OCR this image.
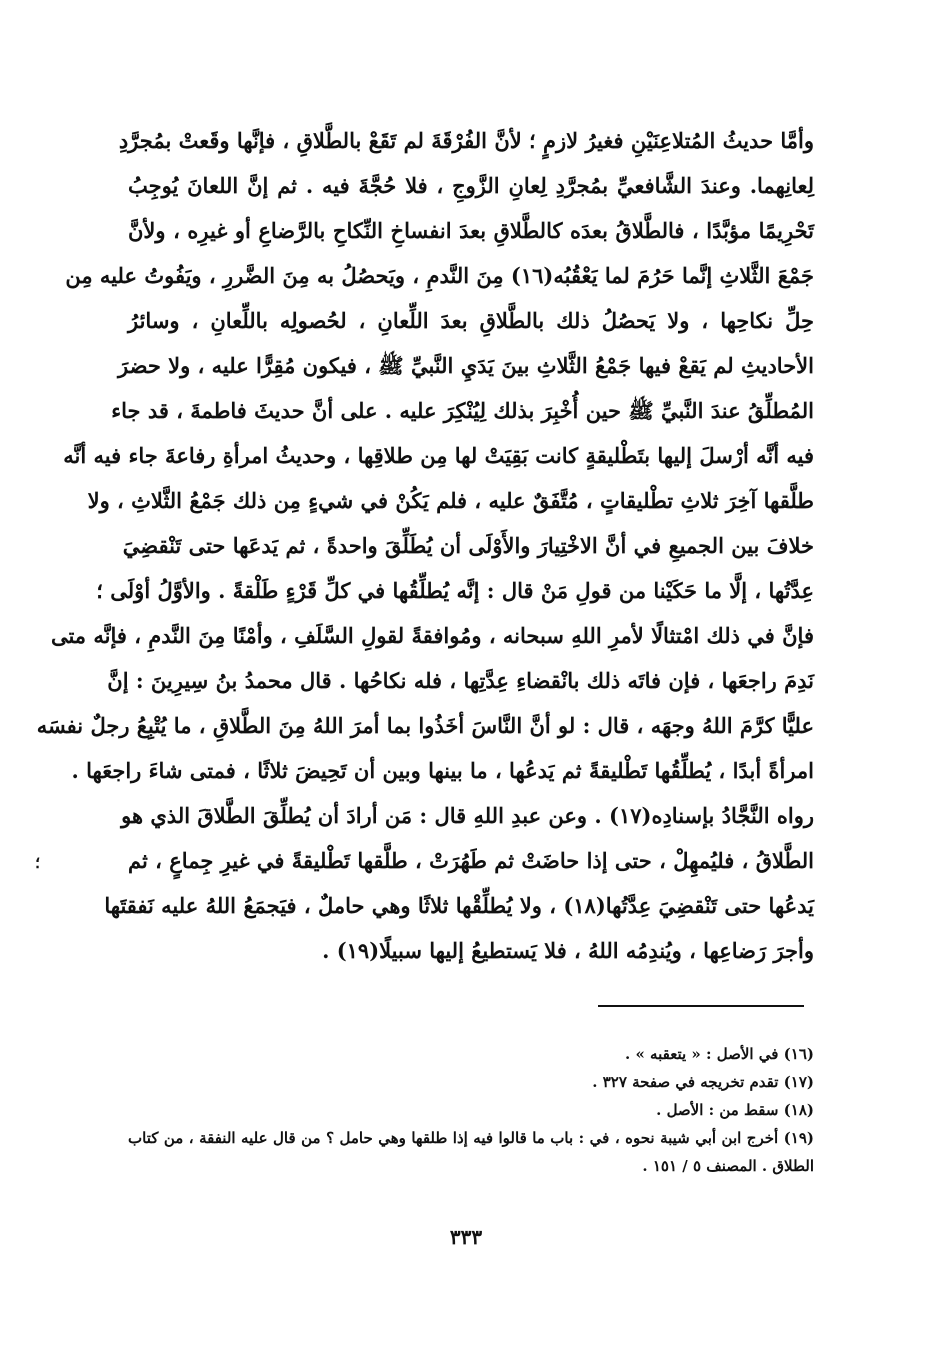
وأمَّا حديثُ المُتلاعِنَيْنِ فغيرُ لازمٍ ؛ لأنَّ الفُرْقَةَ لم تَقَعْ بالطَّلاقِ ، فإنَّها وقَعتْ بمُجرَّدِ
لِعانِهما. وعندَ الشَّافعيِّ بمُجرَّدِ لِعانِ الزَّوجِ ، فلا حُجَّةَ فيه . ثم إنَّ اللعانَ يُوجِبُ
تَحْرِيمًا مؤبَّدًا ، فالطَّلاقُ بعدَه كالطَّلاقِ بعدَ انفساخِ النِّكاحِ بالرَّضاعِ أو غيرِه ، ولأنَّ
جَمْعَ الثَّلاثِ إنَّما حَرُمَ لما يَعْقُبُه(١٦) مِنَ النَّدمِ ، ويَحصُلُ به مِنَ الضَّررِ ، ويَفُوتُ عليه مِن
حِلِّ نكاحِها ، ولا يَحصُلُ ذلك بالطَّلاقِ بعدَ اللِّعانِ ، لحُصولِه باللِّعانِ ، وسائرُ
الأحاديثِ لم يَقعْ فيها جَمْعُ الثَّلاثِ بينَ يَدَيِ النَّبيِّ ﷺ ، فيكون مُقِرًّا عليه ، ولا حضرَ
المُطلِّقُ عندَ النَّبيِّ ﷺ حين أُخْبِرَ بذلك لِيُنْكِرَ عليه . على أنَّ حديثَ فاطمةَ ، قد جاء
فيه أنَّه أرْسلَ إليها بتَطْليقةٍ كانت بَقِيَتْ لها مِن طلاقِها ، وحديثُ امرأةِ رفاعةَ جاء فيه أنَّه
طلَّقها آخِرَ ثلاثِ تطْليقاتٍ ، مُتَّفَقٌ عليه ، فلم يَكُنْ في شيءٍ مِن ذلك جَمْعُ الثَّلاثِ ، ولا
خلافَ بين الجميعِ في أنَّ الاخْتِيارَ والأَوْلَى أن يُطَلِّقَ واحدةً ، ثم يَدعَها حتى تَنْقضِيَ
عِدَّتُها ، إلَّا ما حَكَيْنا من قولِ مَنْ قال : إنَّه يُطلِّقُها في كلِّ قَرْءٍ طَلْقةً . والأوَّلُ أوْلَى ؛
فإنَّ في ذلك امْتثالًا لأمرِ اللهِ سبحانه ، ومُوافقةً لقولِ السَّلَفِ ، وأمْنًا مِنَ النَّدمِ ، فإنَّه متى
نَدِمَ راجعَها ، فإن فاتَه ذلك بانْقضاءِ عِدَّتِها ، فله نكاحُها . قال محمدُ بنُ سِيرِينَ : إنَّ
عليًّا كرَّمَ اللهُ وجهَه ، قال : لو أنَّ النَّاسَ أخَذُوا بما أمرَ اللهُ مِنَ الطَّلاقِ ، ما يُتْبِعُ رجلٌ نفسَه
امرأةً أبدًا ، يُطلِّقُها تَطْليقةً ثم يَدعُها ، ما بينها وبين أن تَحِيضَ ثلاثًا ، فمتى شاءَ راجعَها .
رواه النَّجَّادُ بإسنادِه(١٧) . وعن عبدِ اللهِ قال : مَن أرادَ أن يُطلِّقَ الطَّلاقَ الذي هو
الطَّلاقُ ، فليُمهِلْ ، حتى إذا حاضَتْ ثم طَهُرَتْ ، طلَّقها تَطْليقةً في غيرِ جِماعٍ ، ثم
يَدعُها حتى تَنْقضِيَ عِدَّتُها(١٨) ، ولا يُطلِّقْها ثلاثًا وهي حاملٌ ، فيَجمَعُ اللهُ عليه نَفقتَها
وأجرَ رَضاعِها ، ويُندِمُه اللهُ ، فلا يَستطيعُ إليها سبيلًا(١٩) .
؛
(١٦) في الأصل : « يتعقبه » .
(١٧) تقدم تخريجه في صفحة ٣٢٧ .
(١٨) سقط من : الأصل .
(١٩) أخرج ابن أبي شيبة نحوه ، في : باب ما قالوا فيه إذا طلقها وهي حامل ؟ من قال عليه النفقة ، من كتاب
الطلاق . المصنف ٥ / ١٥١ .
٣٣٣
